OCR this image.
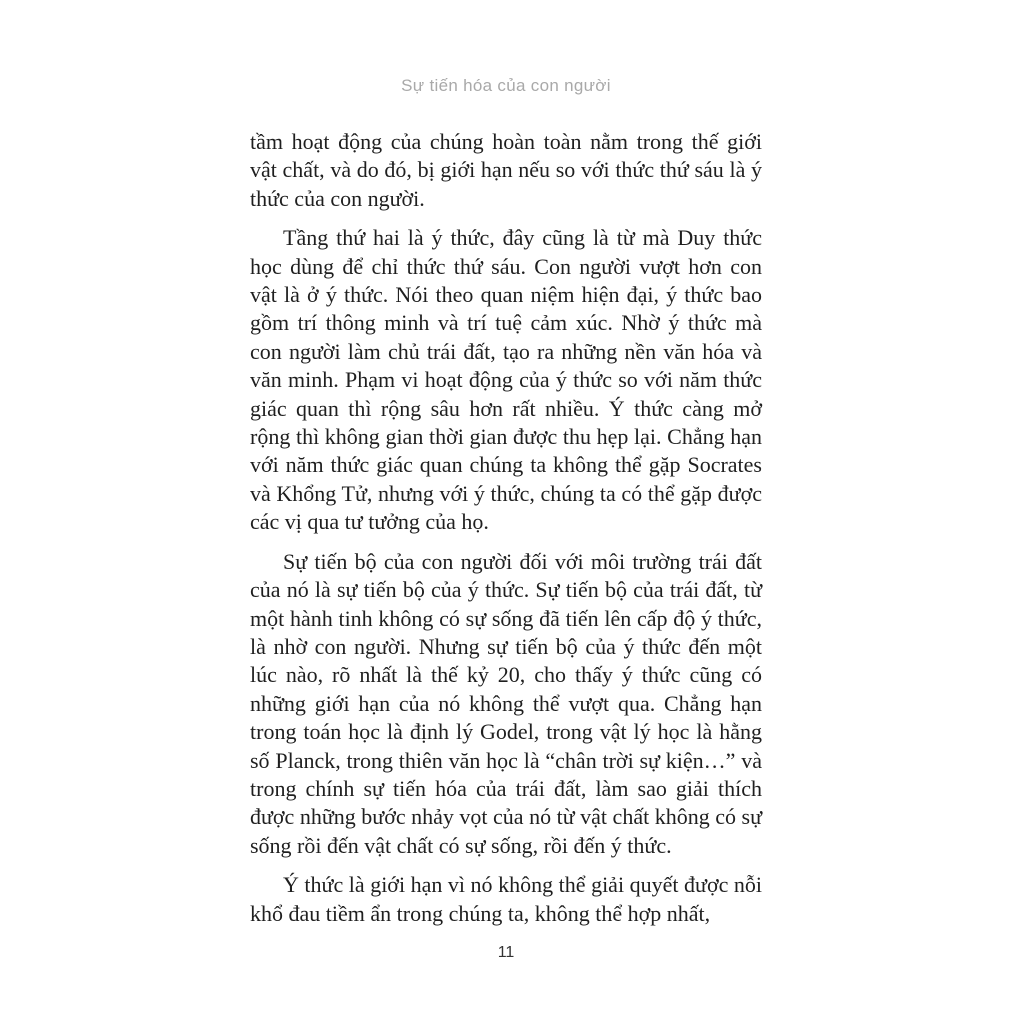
Sự tiến hóa của con người

tầm hoạt động của chúng hoàn toàn nằm trong thế giới vật chất, và do đó, bị giới hạn nếu so với thức thứ sáu là ý thức của con người.

Tầng thứ hai là ý thức, đây cũng là từ mà Duy thức học dùng để chỉ thức thứ sáu. Con người vượt hơn con vật là ở ý thức. Nói theo quan niệm hiện đại, ý thức bao gồm trí thông minh và trí tuệ cảm xúc. Nhờ ý thức mà con người làm chủ trái đất, tạo ra những nền văn hóa và văn minh. Phạm vi hoạt động của ý thức so với năm thức giác quan thì rộng sâu hơn rất nhiều. Ý thức càng mở rộng thì không gian thời gian được thu hẹp lại. Chẳng hạn với năm thức giác quan chúng ta không thể gặp Socrates và Khổng Tử, nhưng với ý thức, chúng ta có thể gặp được các vị qua tư tưởng của họ.

Sự tiến bộ của con người đối với môi trường trái đất của nó là sự tiến bộ của ý thức. Sự tiến bộ của trái đất, từ một hành tinh không có sự sống đã tiến lên cấp độ ý thức, là nhờ con người. Nhưng sự tiến bộ của ý thức đến một lúc nào, rõ nhất là thế kỷ 20, cho thấy ý thức cũng có những giới hạn của nó không thể vượt qua. Chẳng hạn trong toán học là định lý Godel, trong vật lý học là hằng số Planck, trong thiên văn học là “chân trời sự kiện…” và trong chính sự tiến hóa của trái đất, làm sao giải thích được những bước nhảy vọt của nó từ vật chất không có sự sống rồi đến vật chất có sự sống, rồi đến ý thức.

Ý thức là giới hạn vì nó không thể giải quyết được nỗi khổ đau tiềm ẩn trong chúng ta, không thể hợp nhất,

11
